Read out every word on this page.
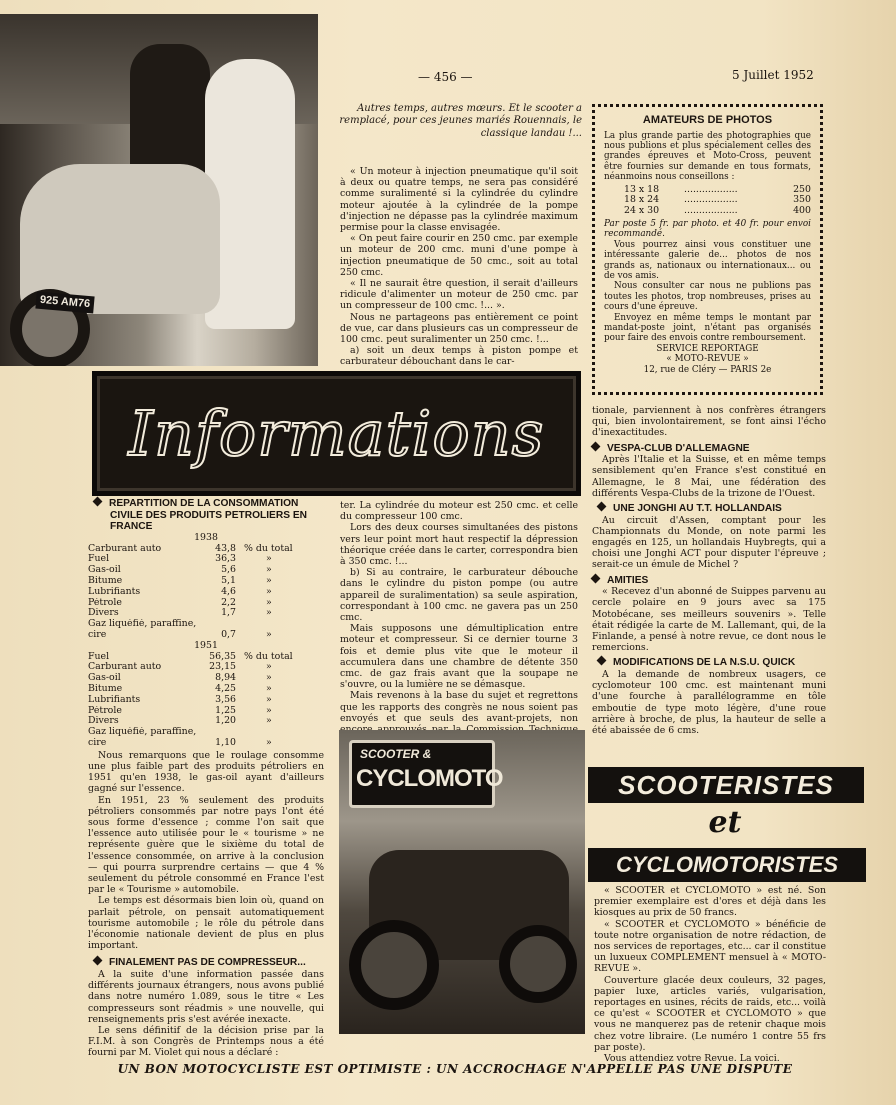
925 AM76
— 456 —	5 Juillet 1952
Autres temps, autres mœurs. Et le scooter a remplacé, pour ces jeunes mariés Rouennais, le classique landau !...

« Un moteur à injection pneumatique qu'il soit à deux ou quatre temps, ne sera pas considéré comme suralimenté si la cylindrée du cylindre moteur ajoutée à la cylindrée de la pompe d'injection ne dépasse pas la cylindrée maximum permise pour la classe envisagée.

« On peut faire courir en 250 cmc. par exemple un moteur de 200 cmc. muni d'une pompe à injection pneumatique de 50 cmc., soit au total 250 cmc.

« Il ne saurait être question, il serait d'ailleurs ridicule d'alimenter un moteur de 250 cmc. par un compresseur de 100 cmc. !... ».

Nous ne partageons pas entièrement ce point de vue, car dans plusieurs cas un compresseur de 100 cmc. peut suralimenter un 250 cmc. !...

a) soit un deux temps à piston pompe et carburateur débouchant dans le car-

AMATEURS DE PHOTOS
La plus grande partie des photographies que nous publions et plus spécialement celles des grandes épreuves et Moto-Cross, peuvent être fournies sur demande en tous formats, néanmoins nous conseillons :
13 x 18	..................	250
18 x 24	..................	350
24 x 30	..................	400
Par poste 5 fr. par photo. et 40 fr. pour envoi recommandé.

Vous pourrez ainsi vous constituer une intéressante galerie de... photos de nos grands as, nationaux ou internationaux... ou de vos amis.

Nous consulter car nous ne publions pas toutes les photos, trop nombreuses, prises au cours d'une épreuve.

Envoyez en même temps le montant par mandat-poste joint, n'étant pas organisés pour faire des envois contre remboursement.

SERVICE REPORTAGE
« MOTO-REVUE »
12, rue de Cléry — PARIS 2e
Informations
REPARTITION DE LA CONSOMMATION CIVILE DES PRODUITS PETROLIERS EN FRANCE
1938
Carburant auto	43,8 % du total
Fuel	36,3	»
Gas-oil	5,6	»
Bitume	5,1	»
Lubrifiants	4,6	»
Pétrole	2,2	»
Divers	1,7	»
Gaz liquéfié, paraffine,
cire	0,7	»
1951
Fuel	56,35 % du total
Carburant auto	23,15	»
Gas-oil	8,94	»
Bitume	4,25	»
Lubrifiants	3,56	»
Pétrole	1,25	»
Divers	1,20	»
Gaz liquéfié, paraffine,
cire	1,10	»

Nous remarquons que le roulage consomme une plus faible part des produits pétroliers en 1951 qu'en 1938, le gas-oil ayant d'ailleurs gagné sur l'essence.

En 1951, 23 % seulement des produits pétroliers consommés par notre pays l'ont été sous forme d'essence ; comme l'on sait que l'essence auto utilisée pour le « tourisme » ne représente guère que le sixième du total de l'essence consommée, on arrive à la conclusion — qui pourra surprendre certains — que 4 % seulement du pétrole consommé en France l'est par le « Tourisme » automobile.

Le temps est désormais bien loin où, quand on parlait pétrole, on pensait automatiquement tourisme automobile ; le rôle du pétrole dans l'économie nationale devient de plus en plus important.

FINALEMENT PAS DE COMPRESSEUR...

A la suite d'une information passée dans différents journaux étrangers, nous avons publié dans notre numéro 1.089, sous le titre « Les compresseurs sont réadmis » une nouvelle, qui renseignements pris s'est avérée inexacte.

Le sens définitif de la décision prise par la F.I.M. à son Congrès de Printemps nous a été fourni par M. Violet qui nous a déclaré :

ter. La cylindrée du moteur est 250 cmc. et celle du compresseur 100 cmc.

Lors des deux courses simultanées des pistons vers leur point mort haut respectif la dépression théorique créée dans le carter, correspondra bien à 350 cmc. !...

b) Si au contraire, le carburateur débouche dans le cylindre du piston pompe (ou autre appareil de suralimentation) sa seule aspiration, correspondant à 100 cmc. ne gavera pas un 250 cmc.

Mais supposons une démultiplication entre moteur et compresseur. Si ce dernier tourne 3 fois et demie plus vite que le moteur il accumulera dans une chambre de détente 350 cmc. de gaz frais avant que la soupape ne s'ouvre, ou la lumière ne se démasque.

Mais revenons à la base du sujet et regrettons que les rapports des congrès ne nous soient pas envoyés et que seuls des avant-projets, non

SCOOTER &
CYCLOMOTO
tionale, parviennent à nos confrères étrangers qui, bien involontairement, se font ainsi l'écho d'inexactitudes.
VESPA-CLUB D'ALLEMAGNE

Après l'Italie et la Suisse, et en même temps sensiblement qu'en France s'est constitué en Allemagne, le 8 Mai, une fédération des différents Vespa-Clubs de la trizone de l'Ouest.

UNE JONGHI AU T.T. HOLLANDAIS

Au circuit d'Assen, comptant pour les Championnats du Monde, on note parmi les engagés en 125, un hollandais Huybregts, qui a choisi une Jonghi ACT pour disputer l'épreuve ; serait-ce un émule de Michel ?

AMITIES

« Recevez d'un abonné de Suippes parvenu au cercle polaire en 9 jours avec sa 175 Motobécane, ses meilleurs souvenirs ». Telle était rédigée la carte de M. Lallemant, qui, de la Finlande, a pensé à notre revue, ce dont nous le remercions.

MODIFICATIONS DE LA N.S.U. QUICK

A la demande de nombreux usagers, ce cyclomoteur 100 cmc. est maintenant muni d'une fourche à parallélogramme en tôle emboutie de type moto légère, d'une roue arrière à broche, de plus, la hauteur de selle a été abaissée de 6 cms.

SCOOTERISTES
et
CYCLOMOTORISTES

« SCOOTER et CYCLOMOTO » est né. Son premier exemplaire est d'ores et déjà dans les kiosques au prix de 50 francs.

« SCOOTER et CYCLOMOTO » bénéficie de toute notre organisation de notre rédaction, de nos services de reportages, etc... car il constitue un luxueux COMPLEMENT mensuel à « MOTO-REVUE ».

Couverture glacée deux couleurs, 32 pages, papier luxe, articles variés, vulgarisation, reportages en usines, récits de raids, etc... voilà ce qu'est « SCOOTER et CYCLOMOTO » que vous ne manquerez pas de retenir chaque mois chez votre libraire. (Le numéro 1 contre 55 frs par poste).

Vous attendiez votre Revue. La voici.

UN BON MOTOCYCLISTE EST OPTIMISTE : UN ACCROCHAGE N'APPELLE PAS UNE DISPUTE
